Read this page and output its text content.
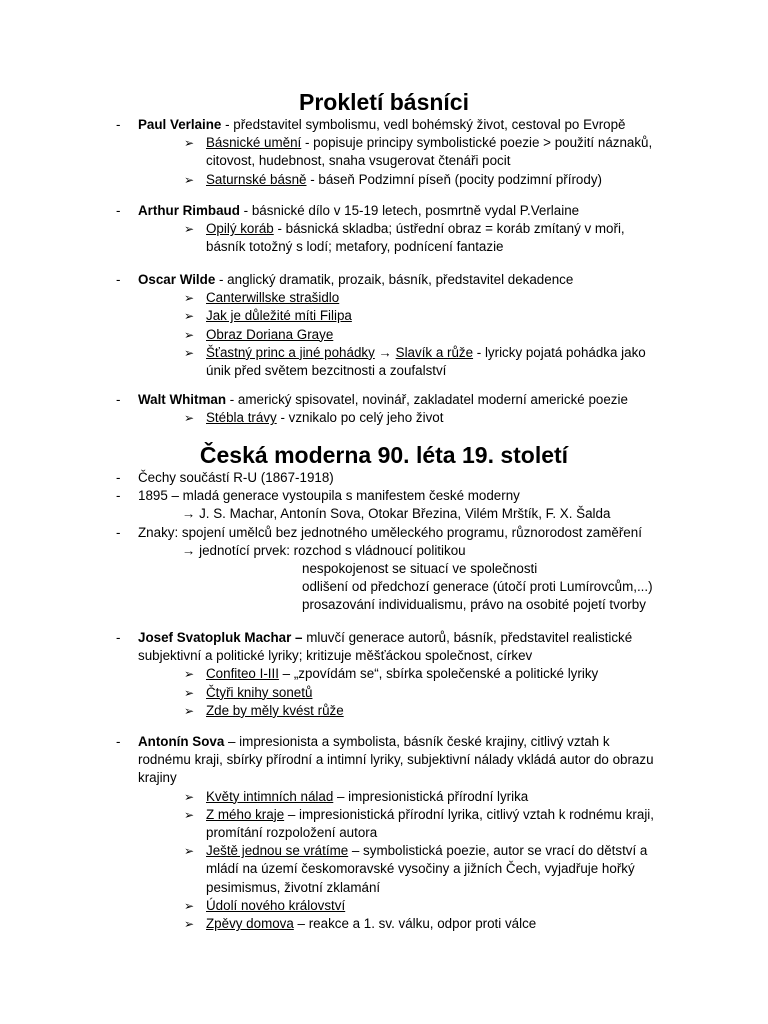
Prokletí básníci
- Paul Verlaine - představitel symbolismu, vedl bohémský život, cestoval po Evropě
➢ Básnické umění - popisuje principy symbolistické poezie > použití náznaků, citovost, hudebnost, snaha vsugerovat čtenáři pocit
➢ Saturnské básně - báseň Podzimní píseň (pocity podzimní přírody)
- Arthur Rimbaud - básnické dílo v 15-19 letech, posmrtně vydal P.Verlaine
➢ Opilý koráb - básnická skladba; ústřední obraz = koráb zmítaný v moři, básník totožný s lodí; metafory, podnícení fantazie
- Oscar Wilde - anglický dramatik, prozaik, básník, představitel dekadence
➢ Canterwillske strašidlo
➢ Jak je důležité míti Filipa
➢ Obraz Doriana Graye
➢ Šťastný princ a jiné pohádky → Slavík a růže - lyricky pojatá pohádka jako únik před světem bezcitnosti a zoufalství
- Walt Whitman - americký spisovatel, novinář, zakladatel moderní americké poezie
➢ Stébla trávy - vznikalo po celý jeho život
Česká moderna 90. léta 19. století
- Čechy součástí R-U (1867-1918)
- 1895 – mladá generace vystoupila s manifestem české moderny
→ J. S. Machar, Antonín Sova, Otokar Březina, Vilém Mrštík, F. X. Šalda
- Znaky: spojení umělců bez jednotného uměleckého programu, různorodost zaměření
→ jednotící prvek: rozchod s vládnoucí politikou
nespokojenost se situací ve společnosti
odlišení od předchozí generace (útočí proti Lumírovcům,...)
prosazování individualismu, právo na osobité pojetí tvorby
- Josef Svatopluk Machar – mluvčí generace autorů, básník, představitel realistické subjektivní a politické lyriky; kritizuje měšťáckou společnost, církev
➢ Confiteo I-III – „zpovídám se“, sbírka společenské a politické lyriky
➢ Čtyři knihy sonetů
➢ Zde by měly kvést růže
- Antonín Sova – impresionista a symbolista, básník české krajiny, citlivý vztah k rodnému kraji, sbírky přírodní a intimní lyriky, subjektivní nálady vkládá autor do obrazu krajiny
➢ Květy intimních nálad – impresionistická přírodní lyrika
➢ Z mého kraje – impresionistická přírodní lyrika, citlivý vztah k rodnému kraji, promítání rozpoložení autora
➢ Ještě jednou se vrátíme – symbolistická poezie, autor se vrací do dětství a mládí na území českomoravské vysočiny a jižních Čech, vyjadřuje hořký pesimismus, životní zklamání
➢ Údolí nového království
➢ Zpěvy domova – reakce a 1. sv. válku, odpor proti válce
